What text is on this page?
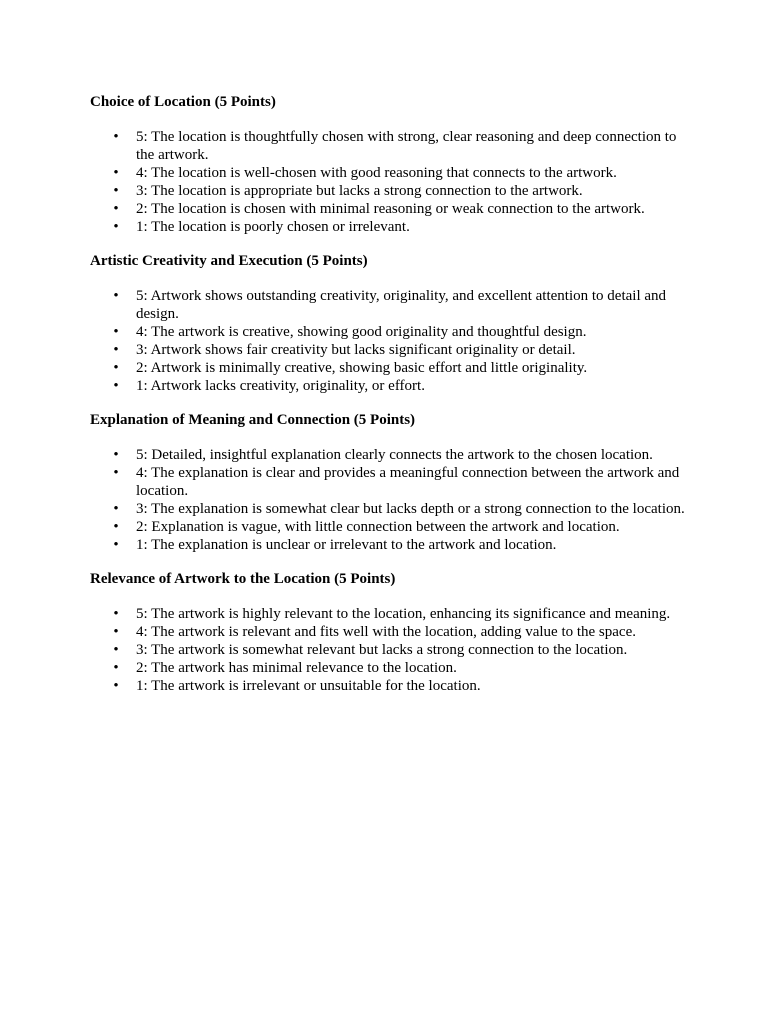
Choice of Location (5 Points)
• 5: The location is thoughtfully chosen with strong, clear reasoning and deep connection to the artwork.
• 4: The location is well-chosen with good reasoning that connects to the artwork.
• 3: The location is appropriate but lacks a strong connection to the artwork.
• 2: The location is chosen with minimal reasoning or weak connection to the artwork.
• 1: The location is poorly chosen or irrelevant.
Artistic Creativity and Execution (5 Points)
• 5: Artwork shows outstanding creativity, originality, and excellent attention to detail and design.
• 4: The artwork is creative, showing good originality and thoughtful design.
• 3: Artwork shows fair creativity but lacks significant originality or detail.
• 2: Artwork is minimally creative, showing basic effort and little originality.
• 1: Artwork lacks creativity, originality, or effort.
Explanation of Meaning and Connection (5 Points)
• 5: Detailed, insightful explanation clearly connects the artwork to the chosen location.
• 4: The explanation is clear and provides a meaningful connection between the artwork and location.
• 3: The explanation is somewhat clear but lacks depth or a strong connection to the location.
• 2: Explanation is vague, with little connection between the artwork and location.
• 1: The explanation is unclear or irrelevant to the artwork and location.
Relevance of Artwork to the Location (5 Points)
• 5: The artwork is highly relevant to the location, enhancing its significance and meaning.
• 4: The artwork is relevant and fits well with the location, adding value to the space.
• 3: The artwork is somewhat relevant but lacks a strong connection to the location.
• 2: The artwork has minimal relevance to the location.
• 1: The artwork is irrelevant or unsuitable for the location.
